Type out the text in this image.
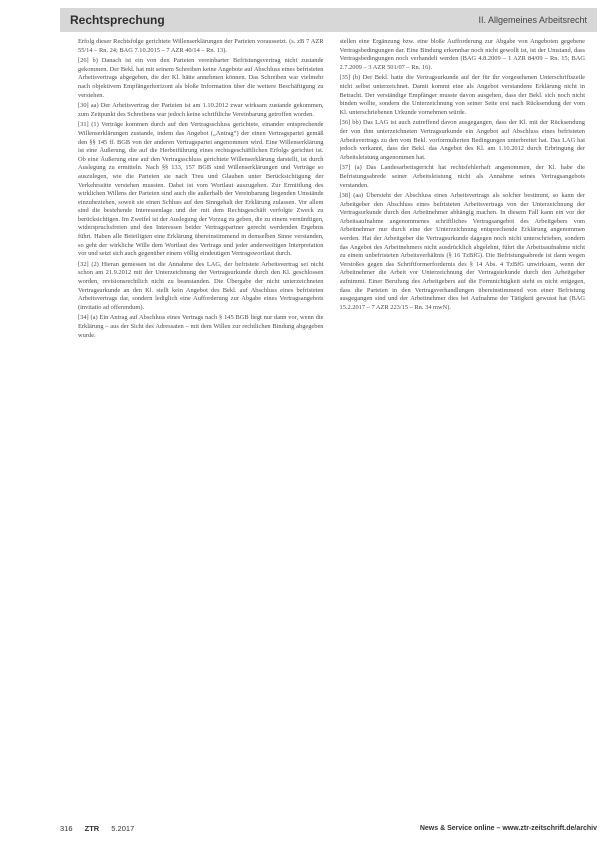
Rechtsprechung	II. Allgemeines Arbeitsrecht

Erfolg dieser Rechtsfolge gerichtete Willenserklärungen der Parteien voraussetzt. (s. zB 7 AZR 55/14 – Rn. 24; BAG 7.10.2015 – 7 AZR 40/14 – Rn. 13).

[26] b) Danach ist ein von den Parteien vereinbarter Befristungsvertrag nicht zustande gekommen. Der Bekl. hat mit seinem Schreiben keine Angebote auf Abschluss eines befristeten Arbeitsvertrags abgegeben, die der Kl. hätte annehmen können. Das Schreiben war vielmehr nach objektivem Empfängerhorizont als bloße Information über die weitere Beschäftigung zu verstehen.

[30] aa) Der Arbeitsvertrag der Parteien ist am 1.10.2012 zwar wirksam zustande gekommen, zum Zeitpunkt des Schreibens war jedoch keine schriftliche Vereinbarung getroffen worden.

[31] (1) Verträge kommen durch auf den Vertragsschluss gerichtete, einander entsprechende Willenserklärungen zustande, indem das Angebot („Antrag“) der einen Vertragspartei gemäß den §§ 145 ff. BGB von der anderen Vertragspartei angenommen wird. Eine Willenserklärung ist eine Äußerung, die auf die Herbeiführung eines rechtsgeschäftlichen Erfolgs gerichtet ist. Ob eine Äußerung eine auf den Vertragsschluss gerichtete Willenserklärung darstellt, ist durch Auslegung zu ermitteln. Nach §§ 133, 157 BGB sind Willenserklärungen und Verträge so auszulegen, wie die Parteien sie nach Treu und Glauben unter Berücksichtigung der Verkehrssitte verstehen mussten. Dabei ist vom Wortlaut auszugehen. Zur Ermittlung des wirklichen Willens der Parteien sind auch die außerhalb der Vereinbarung liegenden Umstände einzubeziehen, soweit sie einen Schluss auf den Sinngehalt der Erklärung zulassen. Vor allem sind die bestehende Interessenlage und der mit dem Rechtsgeschäft verfolgte Zweck zu berücksichtigen. Im Zweifel ist der Auslegung der Vorzug zu geben, die zu einem vernünftigen, widerspruchsfreien und den Interessen beider Vertragspartner gerecht werdenden Ergebnis führt. Haben alle Beteiligten eine Erklärung übereinstimmend in demselben Sinne verstanden, so geht der wirkliche Wille dem Wortlaut des Vertrags und jeder anderweitigen Interpretation vor und setzt sich auch gegenüber einem völlig eindeutigen Vertragswortlaut durch.

[32] (2) Hieran gemessen ist die Annahme des LAG, der befristete Arbeitsvertrag sei nicht schon am 21.9.2012 mit der Unterzeichnung der Vertragsurkunde durch den Kl. geschlossen worden, revisionsrechtlich nicht zu beanstanden. Die Übergabe der nicht unterzeichneten Vertragsurkunde an den Kl. stellt kein Angebot des Bekl. auf Abschluss eines befristeten Arbeitsvertrags dar, sondern lediglich eine Aufforderung zur Abgabe eines Vertragsangebots (invitatio ad offerendum).

[34] (a) Ein Antrag auf Abschluss eines Vertrags nach § 145 BGB liegt nur dann vor, wenn die Erklärung – aus der Sicht des Adressaten – mit dem Willen zur rechtlichen Bindung abgegeben wurde.

stellen eine Ergänzung bzw. eine bloße Aufforderung zur Abgabe von Angeboten gegebene Vertragsbedingungen dar. Eine Bindung erkennbar noch nicht gewollt ist, ist der Umstand, dass Vertragsbedingungen noch verhandelt werden (BAG 4.8.2009 – 1 AZR 84/09 – Rn. 15; BAG 2.7.2009 – 3 AZR 501/07 – Rn. 16).

[35] (b) Der Bekl. hatte die Vertragsurkunde auf der für ihr vorgesehenen Unterschriftszeile nicht selbst unterzeichnet. Damit kommt eine als Angebot verstandene Erklärung nicht in Betracht. Der verständige Empfänger musste davon ausgehen, dass der Bekl. sich noch nicht binden wollte, sondern die Unterzeichnung von seiner Seite erst nach Rücksendung der vom Kl. unterschriebenen Urkunde vornehmen würde.

[36] bb) Das LAG ist auch zutreffend davon ausgegangen, dass der Kl. mit der Rücksendung der von ihm unterzeichneten Vertragsurkunde ein Angebot auf Abschluss eines befristeten Arbeitsvertrags zu den vom Bekl. vorformulierten Bedingungen unterbreitet hat. Das LAG hat jedoch verkannt, dass der Bekl. das Angebot des Kl. am 1.10.2012 durch Erbringung der Arbeitsleistung angenommen hat.

[37] (a) Das Landesarbeitsgericht hat rechtsfehlerhaft angenommen, der Kl. habe die Befristungsabrede seiner Arbeitsleistung nicht als Annahme seines Vertragsangebots verstanden.

[38] (aa) Übersieht der Abschluss eines Arbeitsvertrags als solcher bestimmt, so kann der Arbeitgeber den Abschluss eines befristeten Arbeitsvertrags von der Unterzeichnung der Vertragsurkunde durch den Arbeitnehmer abhängig machen. In diesem Fall kann ein vor der Arbeitsaufnahme angenommenes schriftliches Vertragsangebot des Arbeitgebers vom Arbeitnehmer nur durch eine der Unterzeichnung entsprechende Erklärung angenommen werden. Hat der Arbeitgeber die Vertragsurkunde dagegen noch nicht unterschrieben, sondern das Angebot des Arbeitnehmers nicht ausdrücklich abgelehnt, führt die Arbeitsaufnahme nicht zu einem unbefristeten Arbeitsverhältnis (§ 16 TzBfG). Die Befristungsabrede ist dann wegen Verstoßes gegen das Schriftformerfordernis des § 14 Abs. 4 TzBfG unwirksam, wenn der Arbeitnehmer die Arbeit vor Unterzeichnung der Vertragsurkunde durch den Arbeitgeber aufnimmt. Einer Berufung des Arbeitgebers auf die Formnichtigkeit steht es nicht entgegen, dass die Parteien in den Vertragsverhandlungen übereinstimmend von einer Befristung ausgegangen sind und der Arbeitnehmer dies bei Aufnahme der Tätigkeit gewusst hat (BAG 15.2.2017 – 7 AZR 223/15 – Rn. 34 mwN).

316 ZTR 5.2017	News & Service online – www.ztr-zeitschrift.de/archiv
